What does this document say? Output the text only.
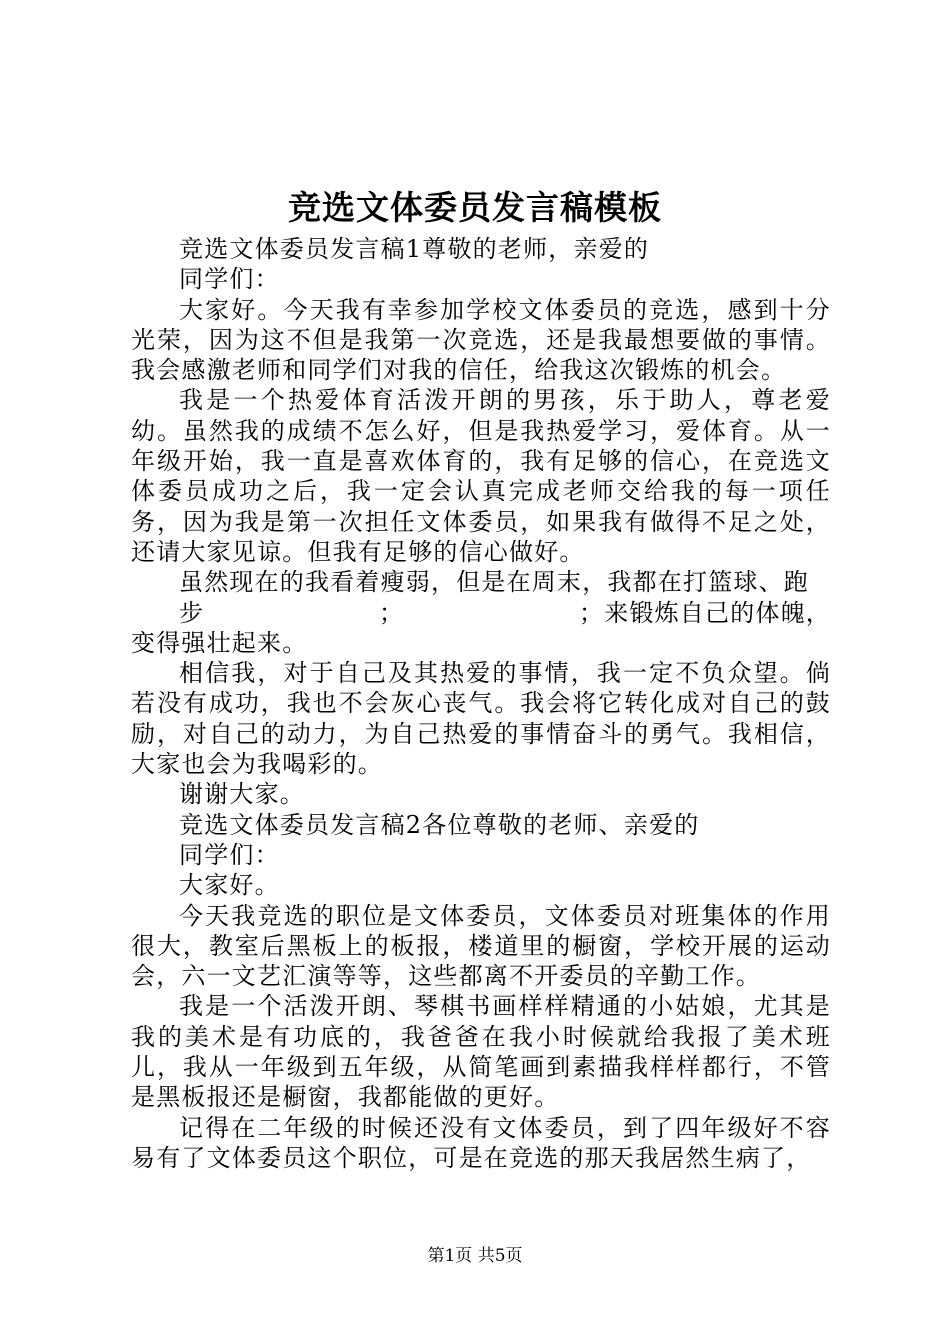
竞选文体委员发言稿模板

竞选文体委员发言稿1尊敬的老师，亲爱的

同学们：

大家好。今天我有幸参加学校文体委员的竞选，感到十分光荣，因为这不但是我第一次竞选，还是我最想要做的事情。我会感激老师和同学们对我的信任，给我这次锻炼的机会。

我是一个热爱体育活泼开朗的男孩，乐于助人，尊老爱幼。虽然我的成绩不怎么好，但是我热爱学习，爱体育。从一年级开始，我一直是喜欢体育的，我有足够的信心，在竞选文体委员成功之后，我一定会认真完成老师交给我的每一项任务，因为我是第一次担任文体委员，如果我有做得不足之处，还请大家见谅。但我有足够的信心做好。

虽然现在的我看着瘦弱，但是在周末，我都在打篮球、跑

步	；	；来锻炼自己的体魄，

变得强壮起来。

相信我，对于自己及其热爱的事情，我一定不负众望。倘若没有成功，我也不会灰心丧气。我会将它转化成对自己的鼓励，对自己的动力，为自己热爱的事情奋斗的勇气。我相信，大家也会为我喝彩的。

谢谢大家。

竞选文体委员发言稿2各位尊敬的老师、亲爱的

同学们：

大家好。

今天我竞选的职位是文体委员，文体委员对班集体的作用很大，教室后黑板上的板报，楼道里的橱窗，学校开展的运动会，六一文艺汇演等等，这些都离不开委员的辛勤工作。

我是一个活泼开朗、琴棋书画样样精通的小姑娘，尤其是我的美术是有功底的，我爸爸在我小时候就给我报了美术班儿，我从一年级到五年级，从简笔画到素描我样样都行，不管是黑板报还是橱窗，我都能做的更好。

记得在二年级的时候还没有文体委员，到了四年级好不容易有了文体委员这个职位，可是在竞选的那天我居然生病了，

第1页 共5页
